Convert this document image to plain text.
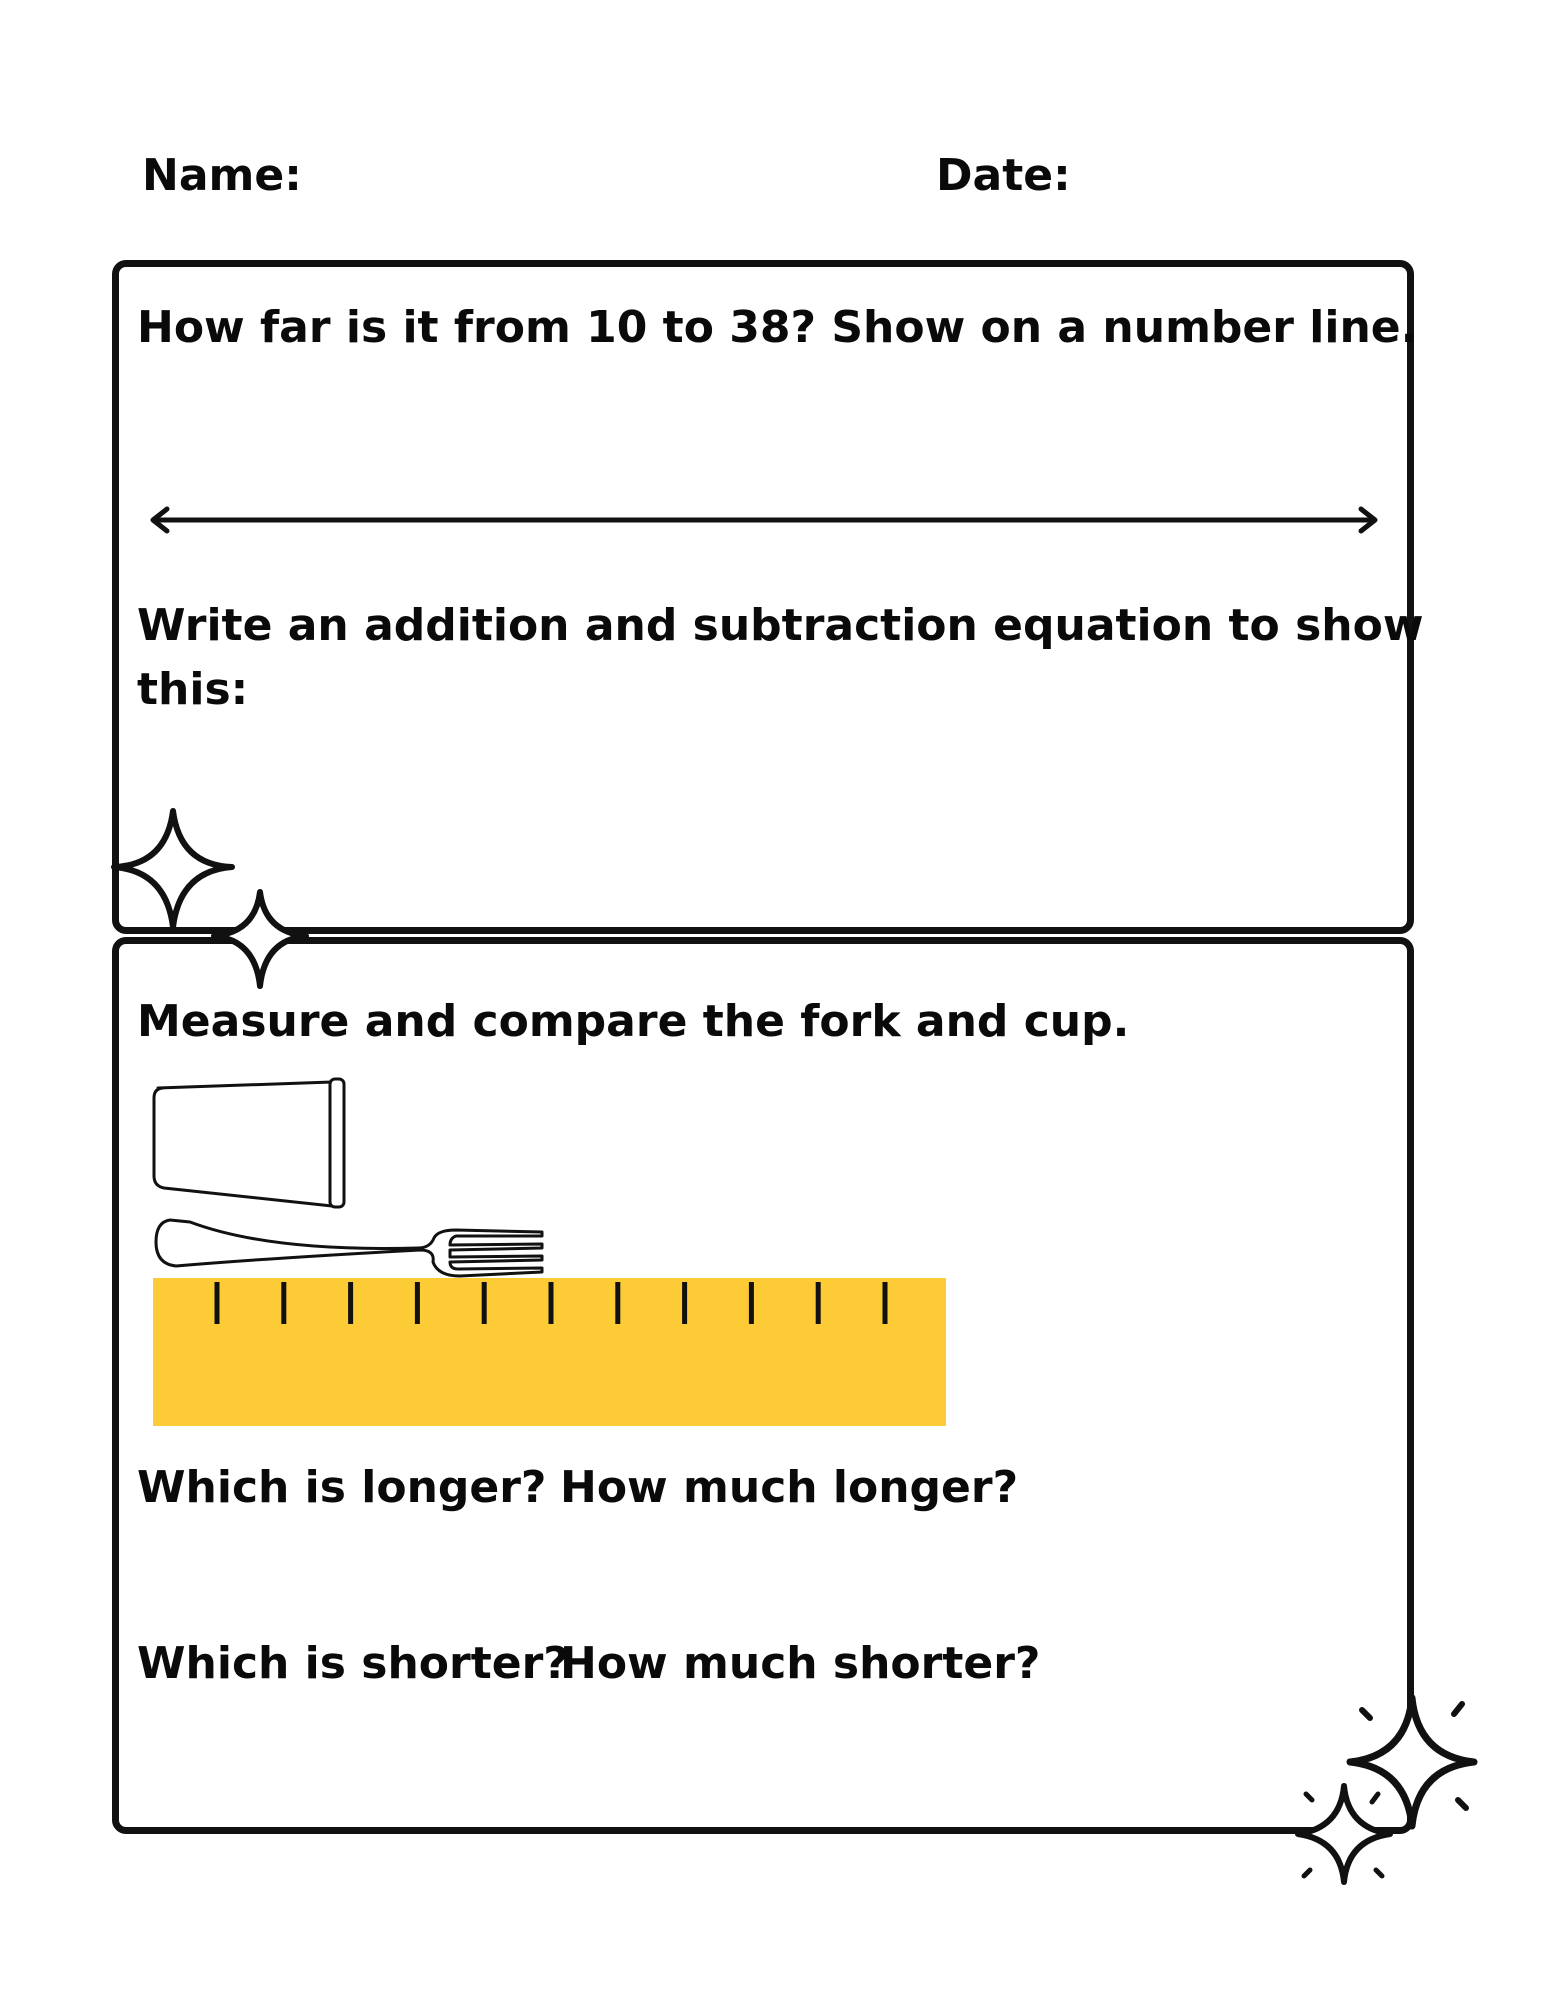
Name:	Date:
How far is it from 10 to 38? Show on a number line.
Write an addition and subtraction equation to show
this:
Measure and compare the fork and cup.
Which is longer? How much longer?
Which is shorter?
How much shorter?
